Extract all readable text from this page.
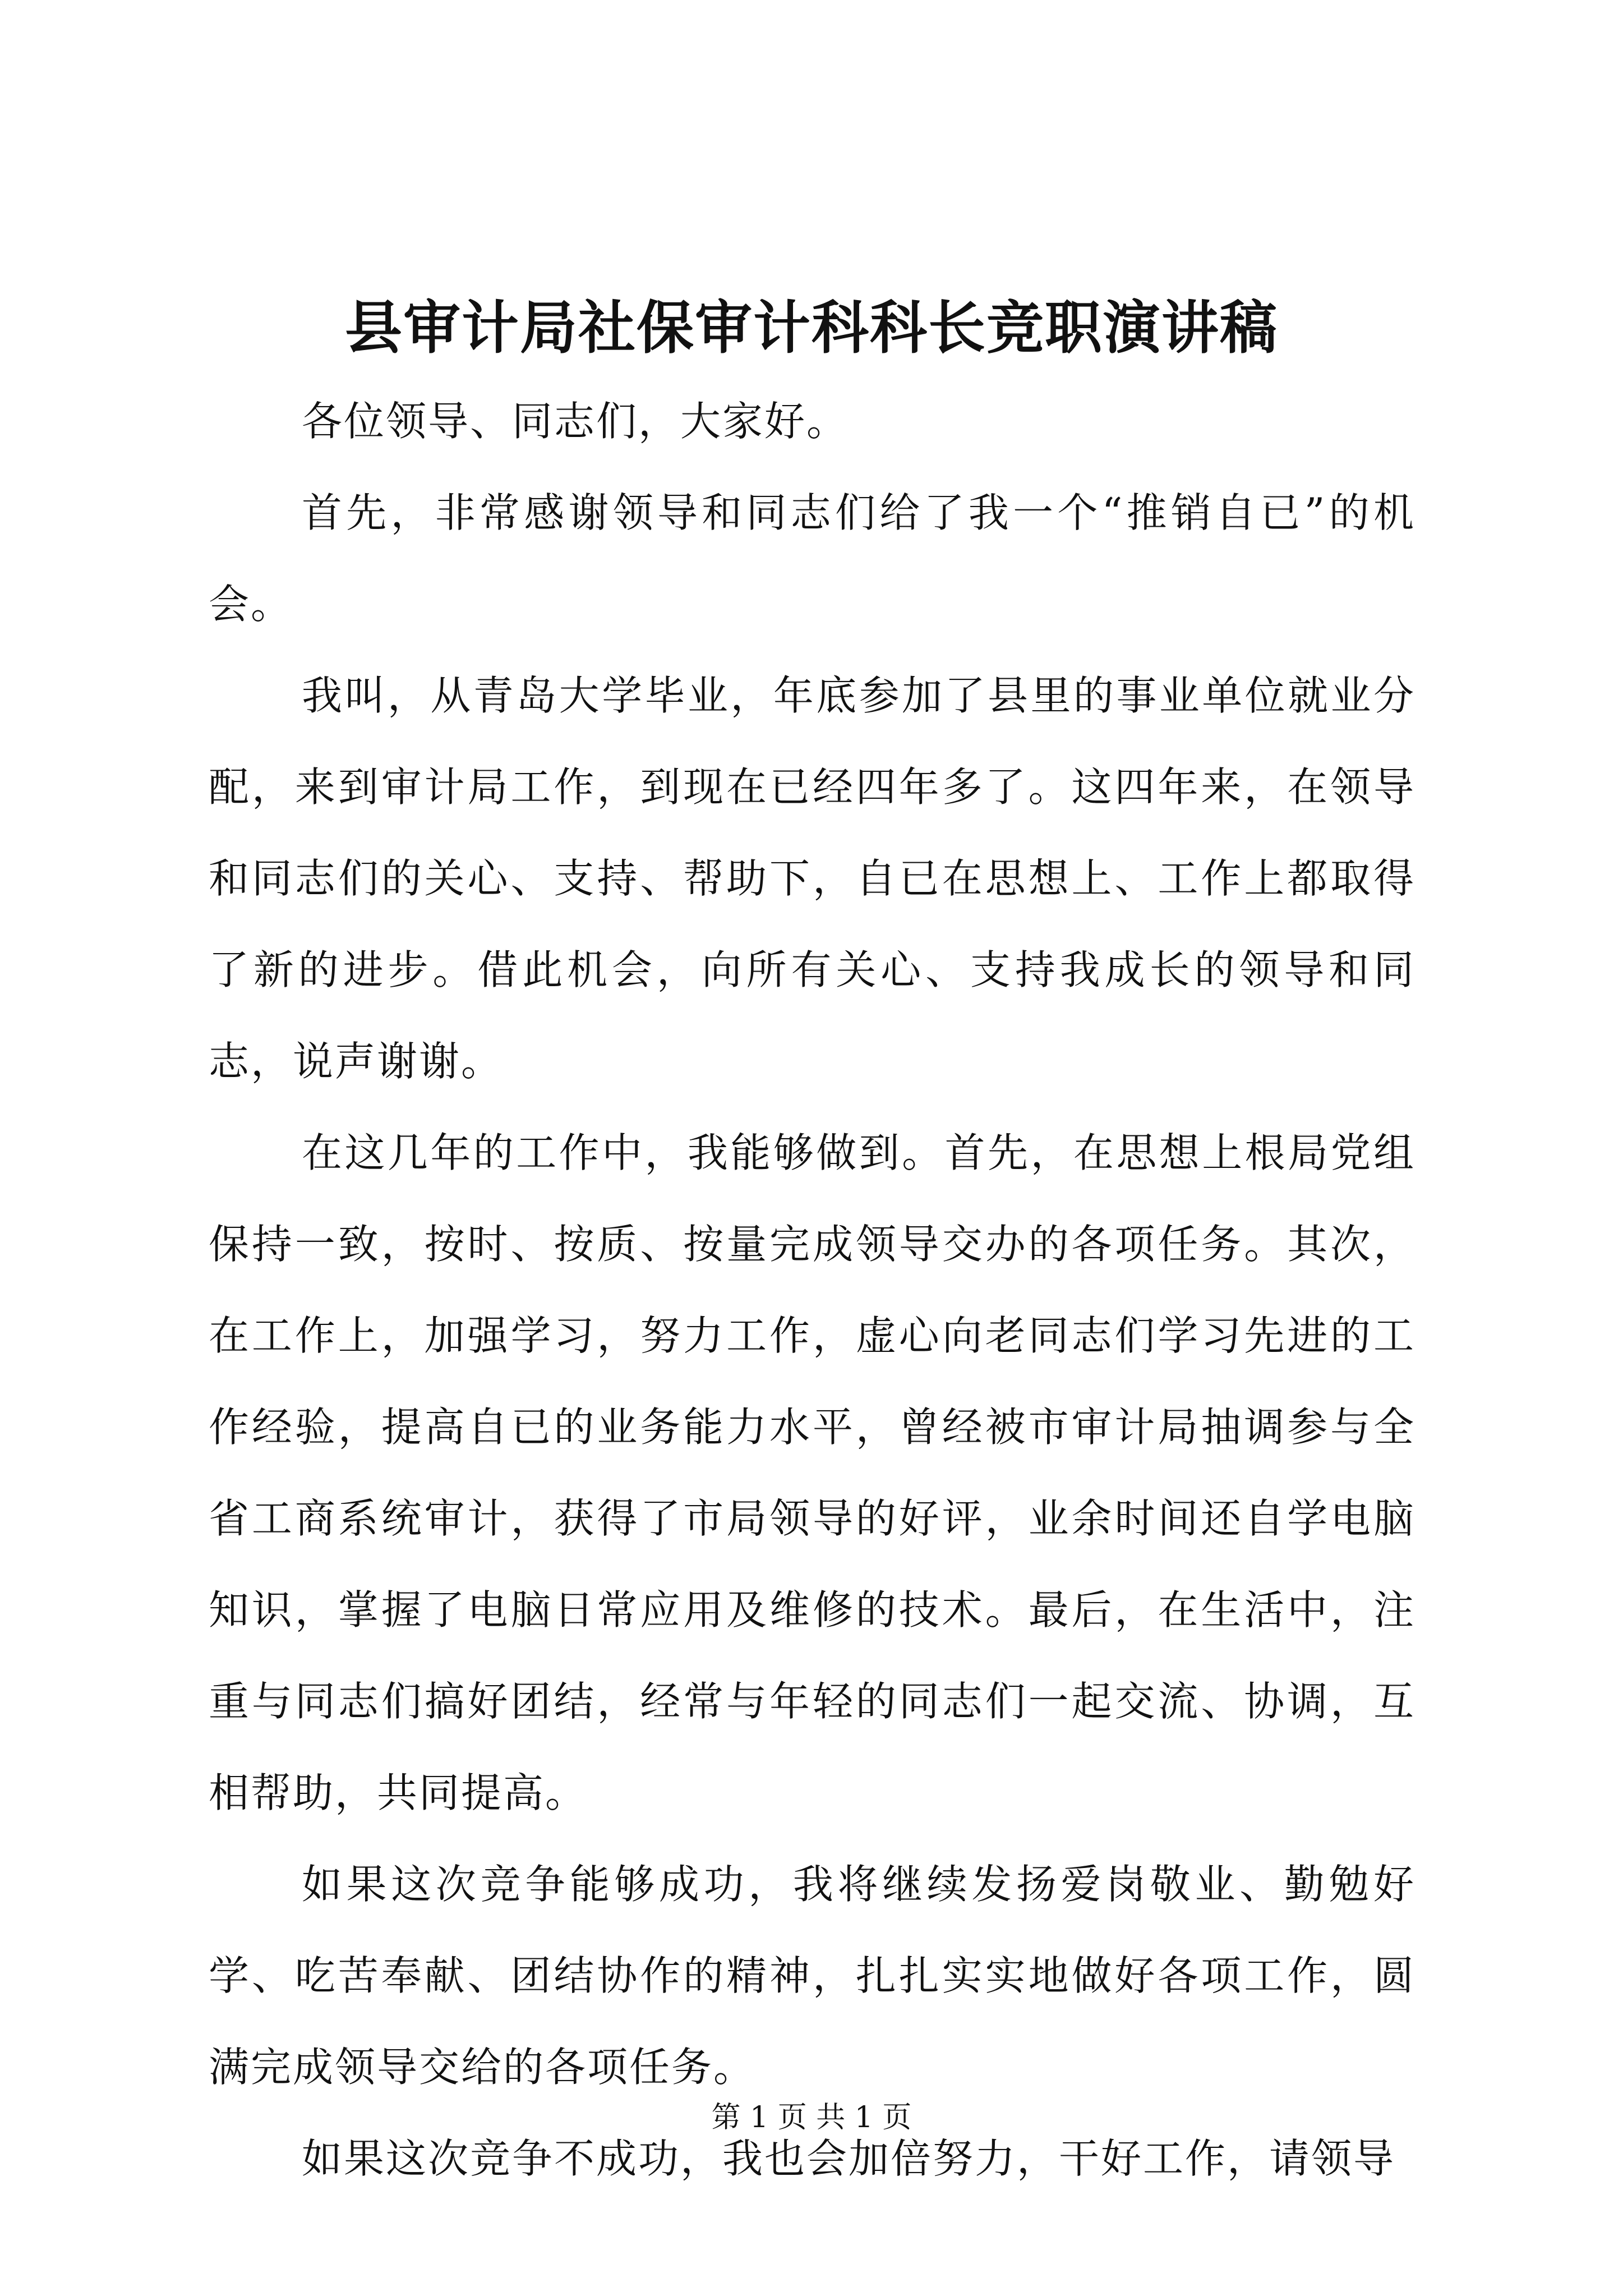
县审计局社保审计科科长竞职演讲稿

各位领导、同志们，大家好。

首先，非常感谢领导和同志们给了我一个“推销自已”的机会。

我叫，从青岛大学毕业，年底参加了县里的事业单位就业分配，来到审计局工作，到现在已经四年多了。这四年来，在领导和同志们的关心、支持、帮助下，自已在思想上、工作上都取得了新的进步。借此机会，向所有关心、支持我成长的领导和同志，说声谢谢。

在这几年的工作中，我能够做到。首先，在思想上根局党组保持一致，按时、按质、按量完成领导交办的各项任务。其次，在工作上，加强学习，努力工作，虚心向老同志们学习先进的工作经验，提高自已的业务能力水平，曾经被市审计局抽调参与全省工商系统审计，获得了市局领导的好评，业余时间还自学电脑知识，掌握了电脑日常应用及维修的技术。最后，在生活中，注重与同志们搞好团结，经常与年轻的同志们一起交流、协调，互相帮助，共同提高。

如果这次竞争能够成功，我将继续发扬爱岗敬业、勤勉好学、吃苦奉献、团结协作的精神，扎扎实实地做好各项工作，圆满完成领导交给的各项任务。

如果这次竞争不成功，我也会加倍努力，干好工作，请领导

第 1 页 共 1 页
